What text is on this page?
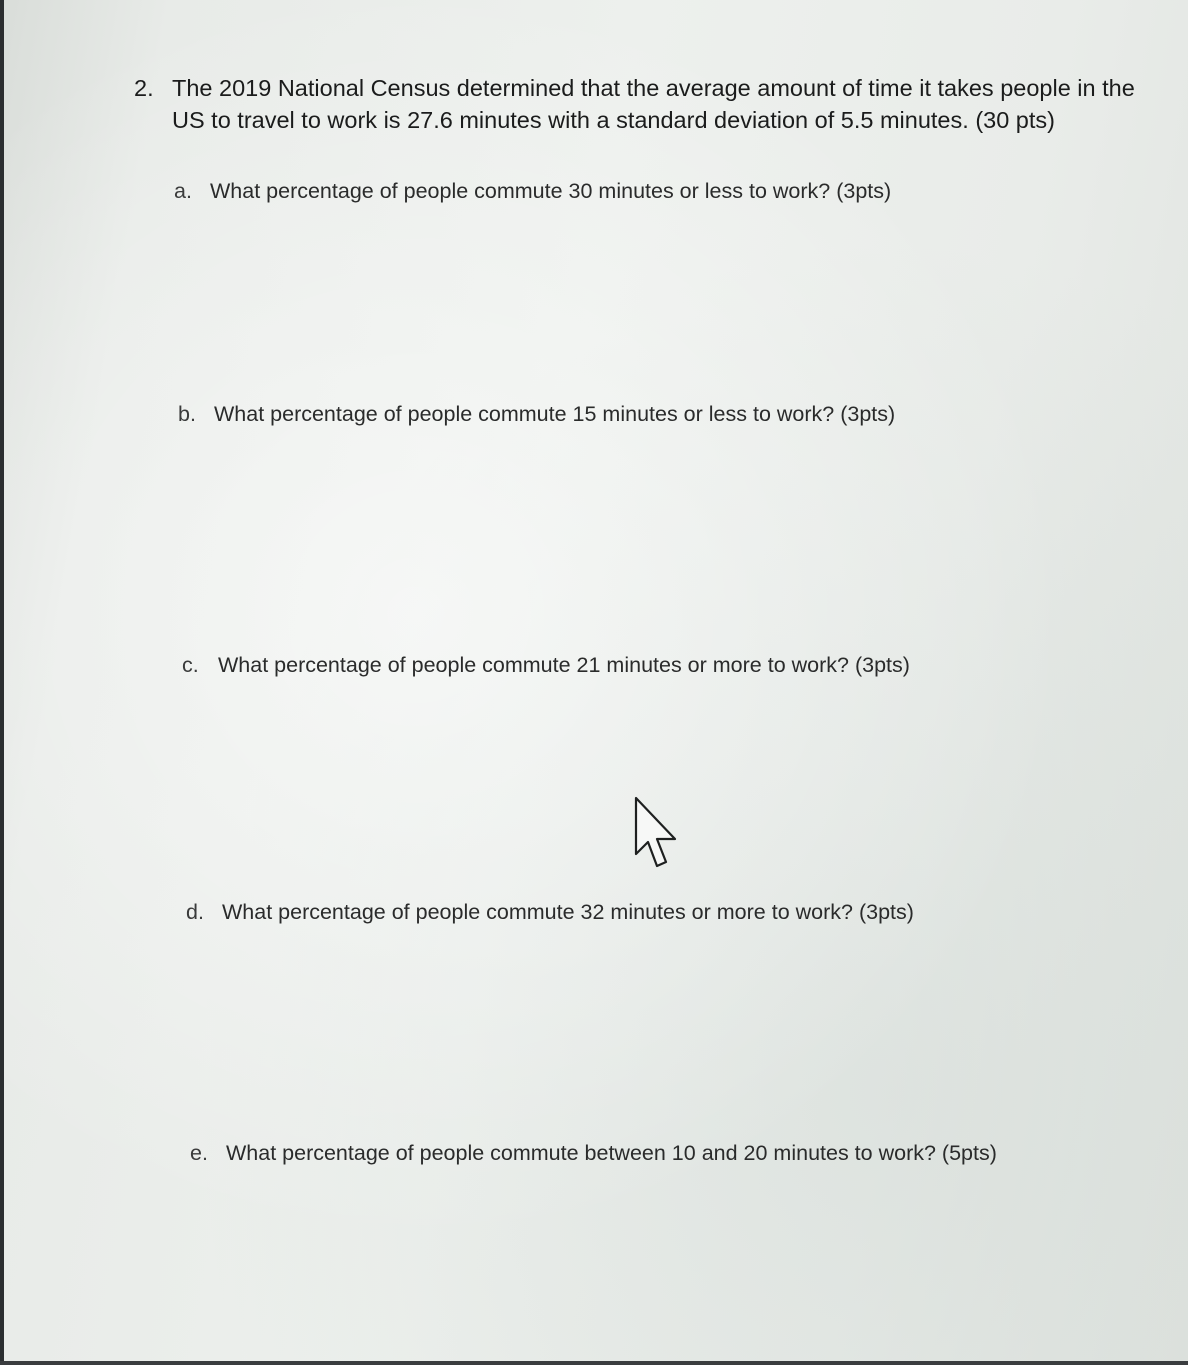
2. The 2019 National Census determined that the average amount of time it takes people in the US to travel to work is 27.6 minutes with a standard deviation of 5.5 minutes. (30 pts)
a. What percentage of people commute 30 minutes or less to work? (3pts)
b. What percentage of people commute 15 minutes or less to work? (3pts)
c. What percentage of people commute 21 minutes or more to work? (3pts)
d. What percentage of people commute 32 minutes or more to work? (3pts)
e. What percentage of people commute between 10 and 20 minutes to work? (5pts)
